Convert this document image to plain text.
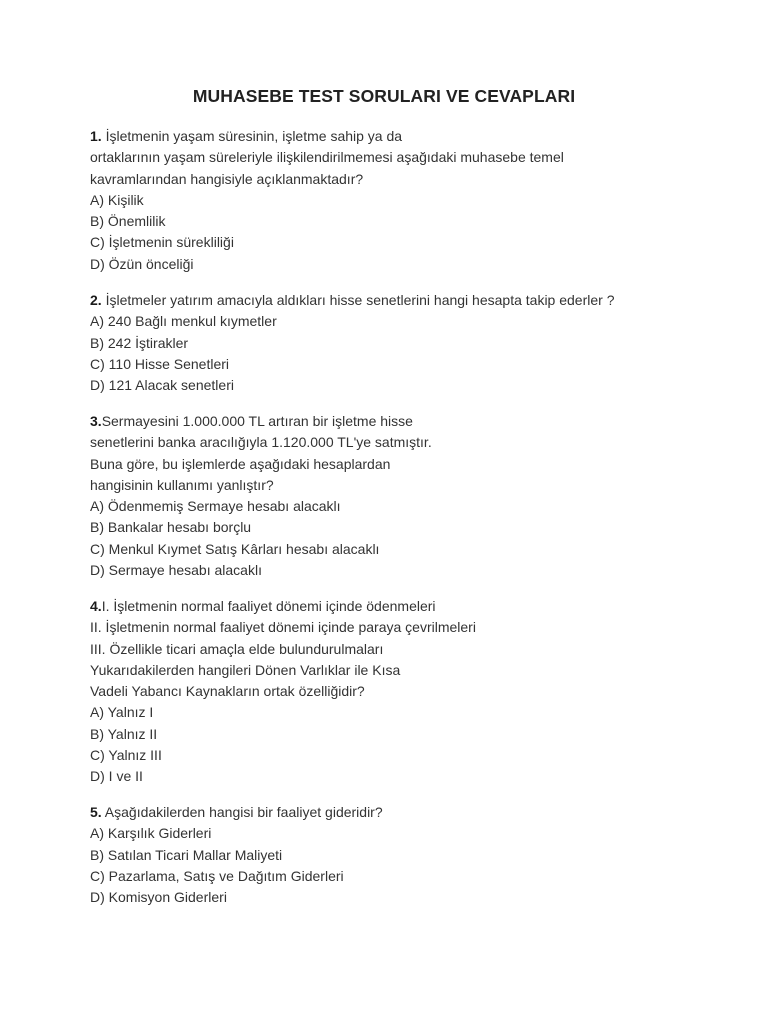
MUHASEBE TEST SORULARI VE CEVAPLARI
1. İşletmenin yaşam süresinin, işletme sahip ya da
ortaklarının yaşam süreleriyle ilişkilendirilmemesi aşağıdaki muhasebe temel
kavramlarından hangisiyle açıklanmaktadır?
A) Kişilik
B) Önemlilik
C) İşletmenin sürekliliği
D) Özün önceliği
2. İşletmeler yatırım amacıyla aldıkları hisse senetlerini hangi hesapta takip ederler ?
A) 240 Bağlı menkul kıymetler
B) 242 İştirakler
C) 110 Hisse Senetleri
D) 121 Alacak senetleri
3.Sermayesini 1.000.000 TL artıran bir işletme hisse
senetlerini banka aracılığıyla 1.120.000 TL'ye satmıştır.
Buna göre, bu işlemlerde aşağıdaki hesaplardan
hangisinin kullanımı yanlıştır?
A) Ödenmemiş Sermaye hesabı alacaklı
B) Bankalar hesabı borçlu
C) Menkul Kıymet Satış Kârları hesabı alacaklı
D) Sermaye hesabı alacaklı
4.I. İşletmenin normal faaliyet dönemi içinde ödenmeleri
II. İşletmenin normal faaliyet dönemi içinde paraya çevrilmeleri
III. Özellikle ticari amaçla elde bulundurulmaları
Yukarıdakilerden hangileri Dönen Varlıklar ile Kısa
Vadeli Yabancı Kaynakların ortak özelliğidir?
A) Yalnız I
B) Yalnız II
C) Yalnız III
D) I ve II
5. Aşağıdakilerden hangisi bir faaliyet gideridir?
A) Karşılık Giderleri
B) Satılan Ticari Mallar Maliyeti
C) Pazarlama, Satış ve Dağıtım Giderleri
D) Komisyon Giderleri
